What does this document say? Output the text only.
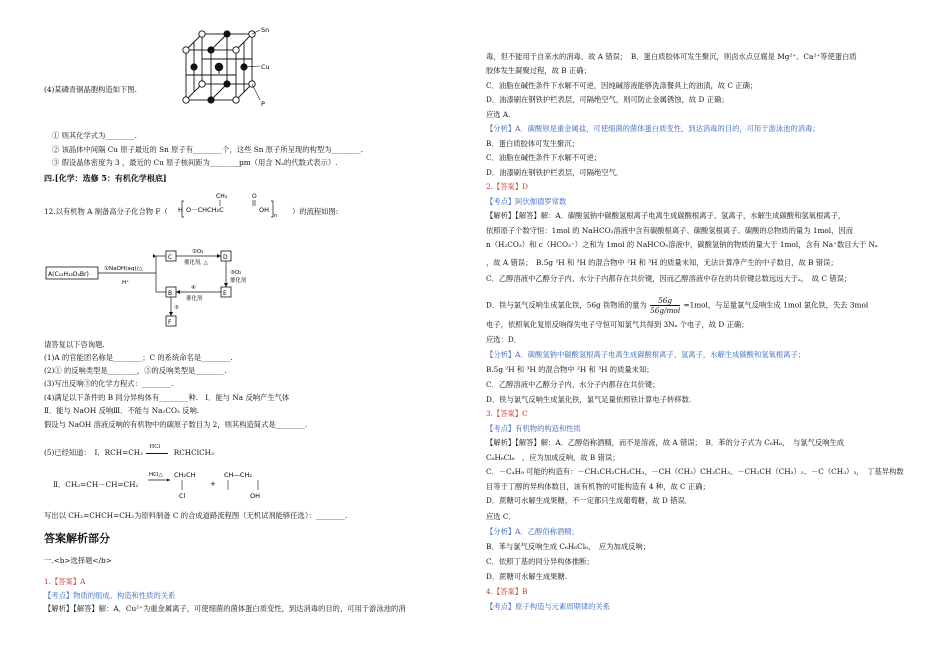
Sn
Cu
P
(4)某磷青铜晶胞构造如下图.
① 则其化学式为________.
② 该晶体中间隔 Cu 原子最近的 Sn 原子有________个，这些 Sn 原子所呈现的构型为________.
③ 假设晶体密度为 3 ，最近的 Cu 原子核间距为________pm（用含 Nₐ的代数式表示）.
四.[化学：选修 5：有机化学根底]
12.以有机物 A 制备高分子化合物 F（
CH₃	O
H O－CHCH₂C	OH
n ）的流程如图:
A(C₁₂H₁₃O₄Br)
①NaOH(aq)/△
H⁺
C	D
B	E
F
②O₂
催化剂, △
③O₂
催化剂
④
催化剂
⑤
请答复以下咨询题.
(1)A 的官能团名称是________；C 的系统命名是________.
(2)① 的反响类型是________，⑤的反响类型是________.
(3)写出反响③的化学方程式：________.
(4)满足以下条件的 B 同分异构体有________种.　Ⅰ．能与 Na 反响产生气体
Ⅱ．能与 NaOH 反响Ⅲ．不能与 Na₂CO₃ 反响.
假设与 NaOH 溶液反响的有机物中的碳原子数目为 2，则其构造简式是________.
(5)已经知道：　Ⅰ．RCH=CH₂
HCl
RCHClCH₃
Ⅱ．CH₂=CH－CH=CH₂
HCl△ CH₂CH
Cl
+
CH―CH₂
OH
写出以 CH₂=CHCH=CH₂为原料制备 C 的合成道路流程图（无机试剂能够任选）：________.
答案解析部分
一.<b>选择题</b>
1.【答案】A
【考点】物质的组成、构造和性质的关系
【解析】【解答】解：A．Cu²⁺为重金属离子，可使细菌的菌体蛋白质变性，到达消毒的目的，可用于游泳池的消
毒，但不能用于自来水的消毒，故 A 错误；　B．蛋白质胶体可发生聚沉，则卤水点豆腐是 Mg²⁺、Ca²⁺等使蛋白质
胶体发生凝聚过程，故 B 正确；
C．油脂在碱性条件下水解不可逆，因纯碱溶液能够洗涤餐具上的油渍，故 C 正确；
D．油漆刷在钢铁护栏表层，可隔绝空气，则可防止金属锈蚀，故 D 正确；
应选 A．
【分析】A．碳酸钡是重金属盐，可使细菌的菌体蛋白质变性，到达消毒的目的，可用于游泳池的消毒；
B．蛋白质胶体可发生聚沉；
C．油脂在碱性条件下水解不可逆；
D．油漆刷在钢铁护栏表层，可隔绝空气．
2.【答案】D
【考点】阿伏伽德罗常数
【解析】【解答】解：A．碳酸氢钠中碳酸氢根离子电离生成碳酸根离子、氢离子，水解生成碳酸和氢氧根离子，
依照原子个数守恒：1mol 的 NaHCO₃溶液中含有碳酸根离子、碳酸氢根离子、碳酸的总物质的量为 1mol，因而
n（H₂CO₃）和 c（HCO₃⁻）之和为 1mol 的 NaHCO₃溶液中，碳酸氢钠的物质的量大于 1mol，含有 Na⁺数目大于 Nₐ
，故 A 错误；　B.5g ²H 和 ³H 的混合物中 ²H 和 ³H 的质量未知，无法计算净产生的中子数目，故 B 错误；
C．乙醇溶液中乙醇分子内、水分子内都存在共价键，因而乙醇溶液中存在的共价键总数远远大于ₐ，　故 C 错误；
D．铁与氯气反响生成氯化铁，56g 铁物质的量为	56g
56g/mol
=1mol，与足量氯气反响生成 1mol 氯化铁，失去 3mol
电子，依照氧化复原反响得失电子守恒可知氯气共得到 3Nₐ 个电子，故 D 正确；
应选：D．
【分析】A．碳酸氢钠中碳酸氢根离子电离生成碳酸根离子、氢离子，水解生成碳酸和氢氧根离子；
B.5g ²H 和 ³H 的混合物中 ²H 和 ³H 的质量未知；
C．乙醇溶液中乙醇分子内、水分子内都存在共价键；
D．铁与氯气反响生成氯化铁，氯气足量依照铁计算电子转移数.
3.【答案】C
【考点】有机物的构造和性质
【解析】【解答】解：A．乙醇俗称酒精，而不是溶液，故 A 错误；　B．苯的分子式为 C₆H₆，　与氯气反响生成
C₆H₆Cl₆　，应为加成反响，故 B 错误；
C．－C₄H₉ 可能的构造有：－CH₂CH₂CH₂CH₃、－CH（CH₃）CH₂CH₃、－CH₂CH（CH₃）₂、－C（CH₃）₃，　丁基异构数
目等于丁醇的异构体数目，该有机物的可能构造有 4 种，故 C 正确；
D．蔗糖可水解生成果糖，不一定都只生成葡萄糖，故 D 错误．
应选 C．
【分析】A．乙醇俗称酒精；
B．苯与氯气反响生成 C₆H₆Cl₆，　应为加成反响；
C．依照丁基的同分异构体推断；
D．蔗糖可水解生成果糖.
4.【答案】B
【考点】原子构造与元素周期律的关系
